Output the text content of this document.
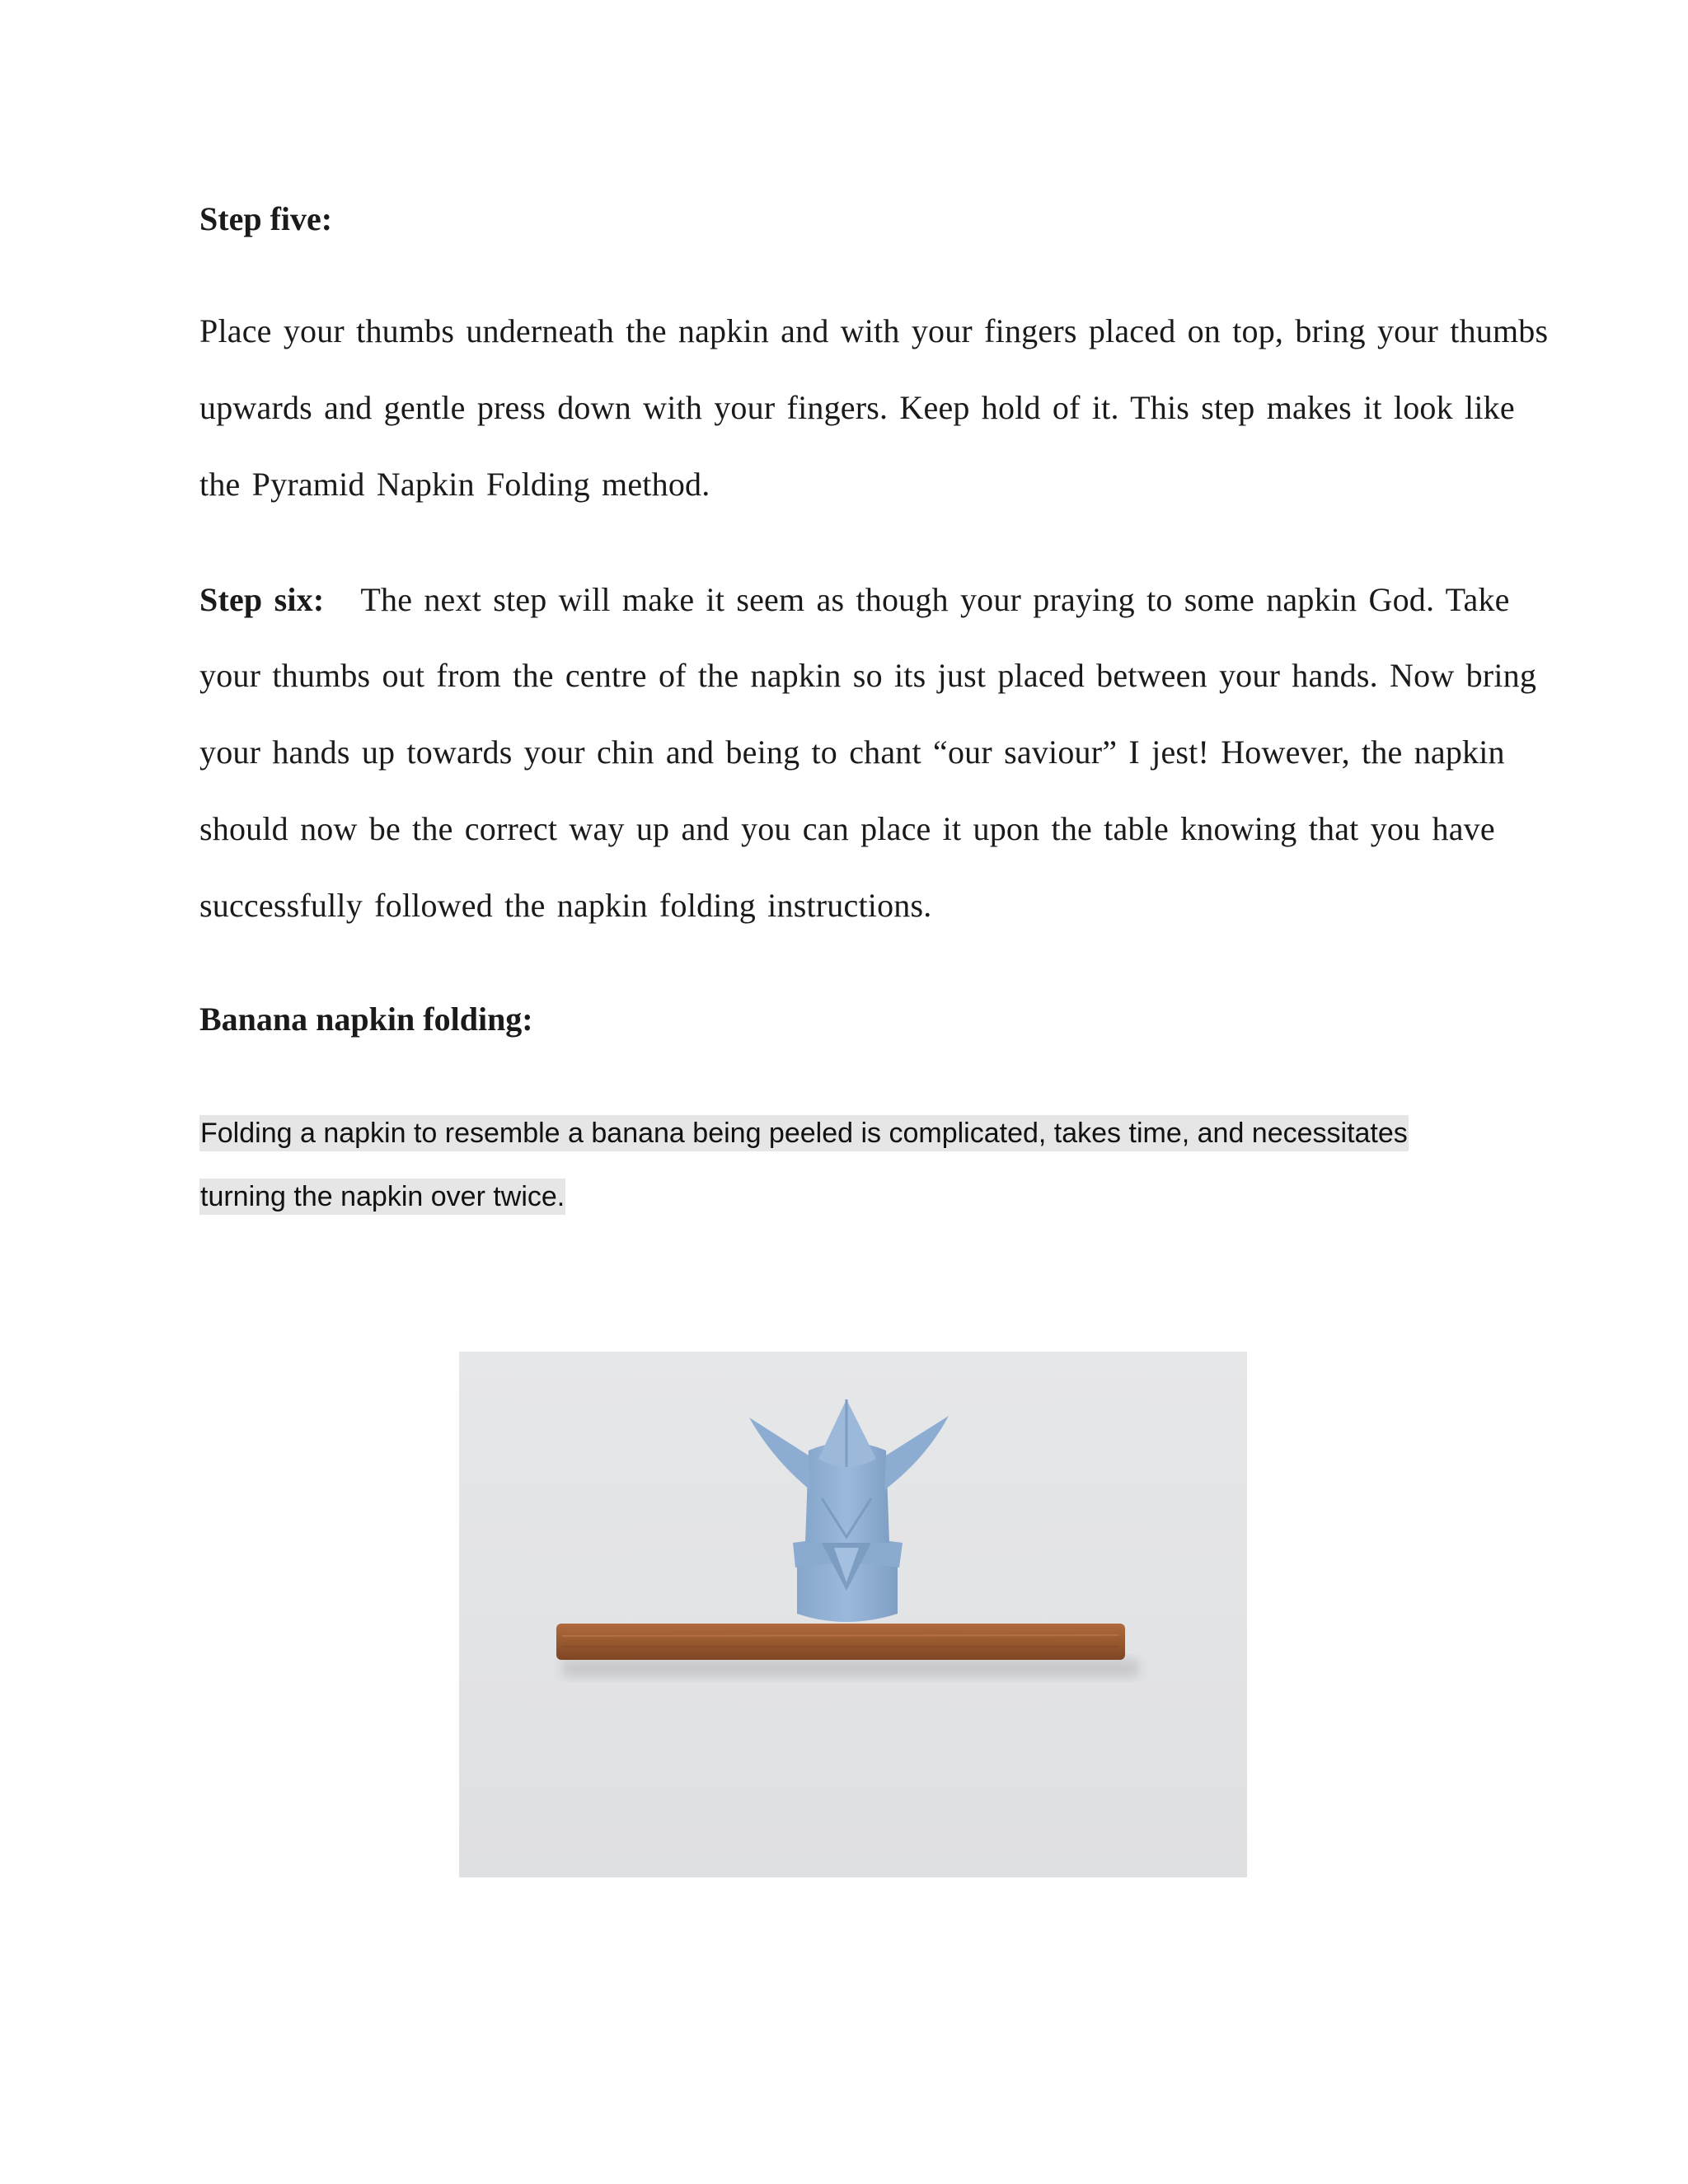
Step five:
Place your thumbs underneath the napkin and with your fingers placed on top, bring your thumbs
upwards and gentle press down with your fingers. Keep hold of it. This step makes it look like
the Pyramid Napkin Folding method.
Step six: The next step will make it seem as though your praying to some napkin God. Take
your thumbs out from the centre of the napkin so its just placed between your hands. Now bring
your hands up towards your chin and being to chant “our saviour” I jest! However, the napkin
should now be the correct way up and you can place it upon the table knowing that you have
successfully followed the napkin folding instructions.
Banana napkin folding:
Folding a napkin to resemble a banana being peeled is complicated, takes time, and necessitates
turning the napkin over twice.
